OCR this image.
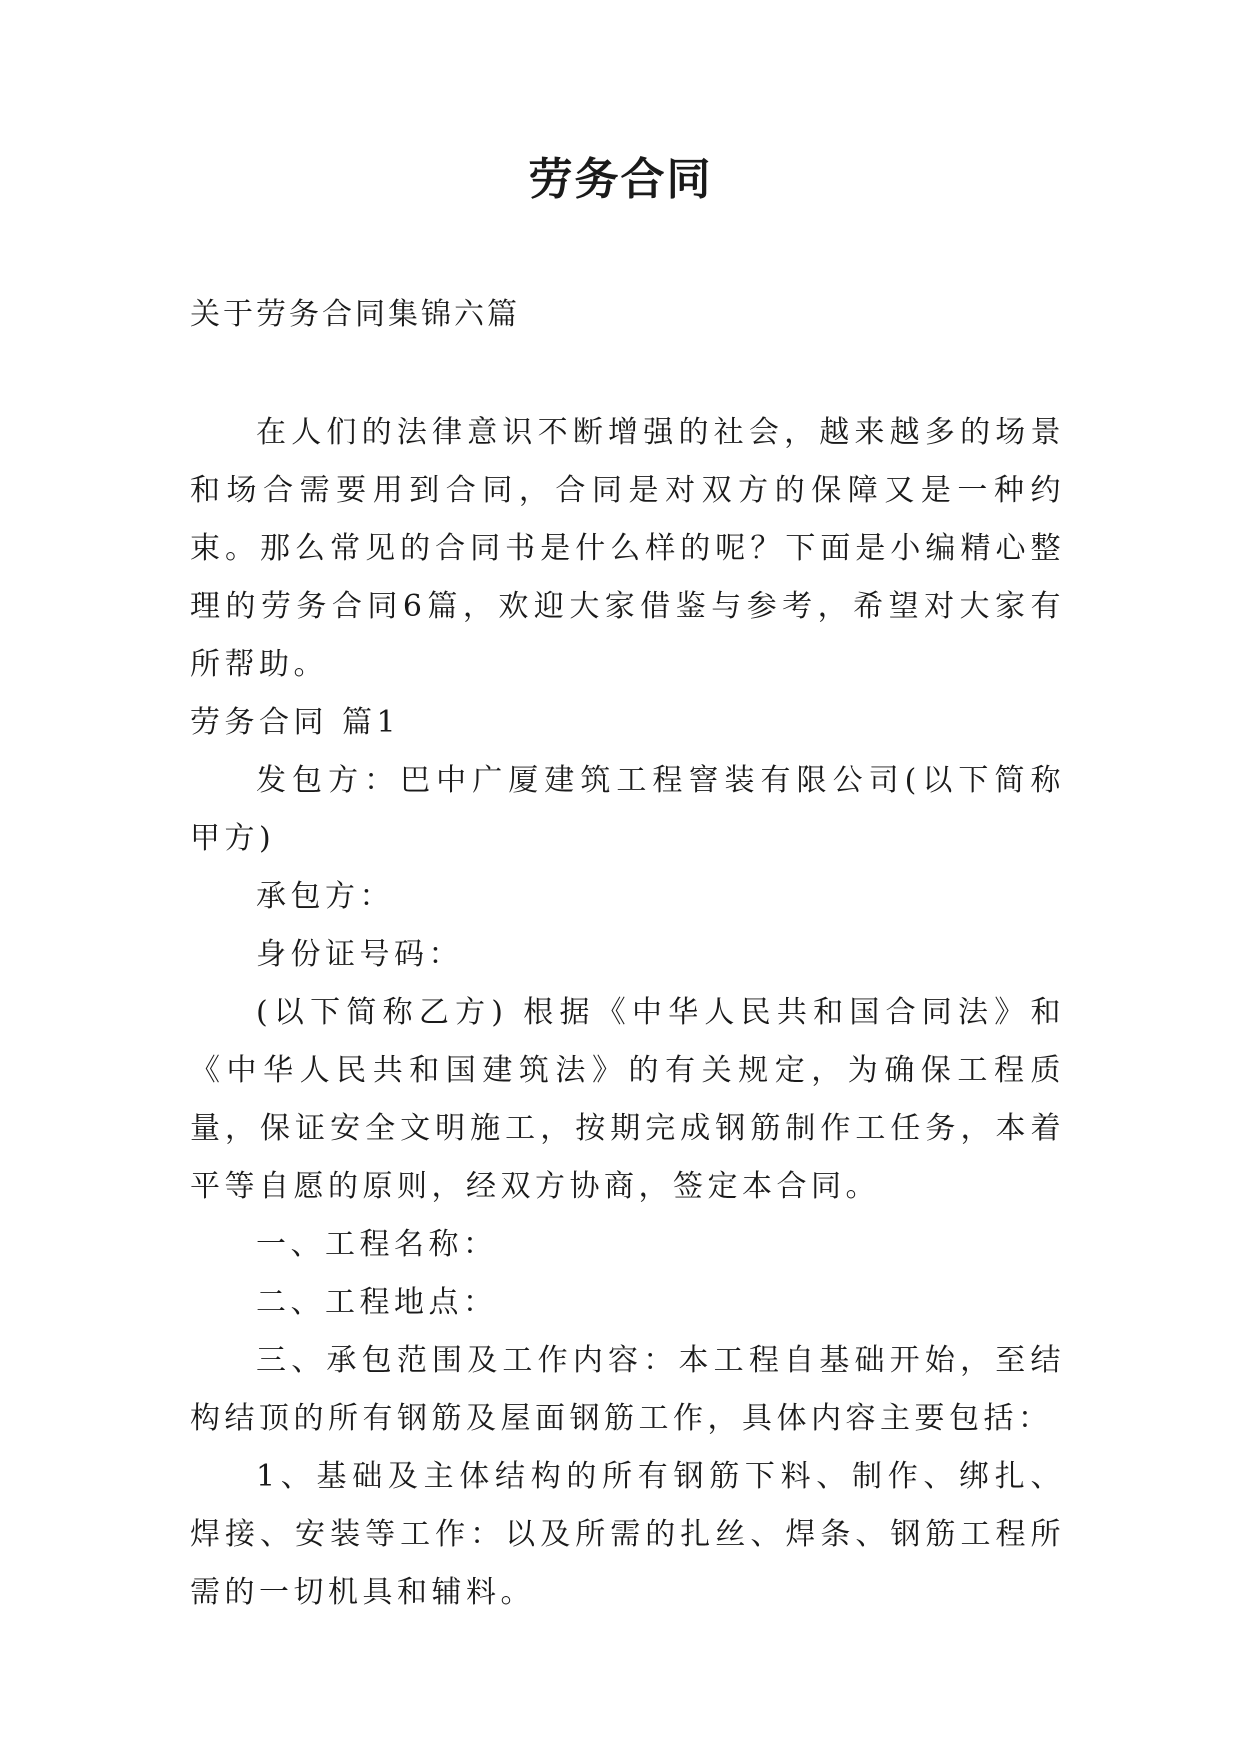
劳务合同

关于劳务合同集锦六篇

在人们的法律意识不断增强的社会，越来越多的场景和场合需要用到合同，合同是对双方的保障又是一种约束。那么常见的合同书是什么样的呢？下面是小编精心整理的劳务合同6篇，欢迎大家借鉴与参考，希望对大家有所帮助。

劳务合同 篇1

发包方：巴中广厦建筑工程窨装有限公司(以下简称甲方)

承包方：

身份证号码：

(以下简称乙方) 根据《中华人民共和国合同法》和《中华人民共和国建筑法》的有关规定，为确保工程质量，保证安全文明施工，按期完成钢筋制作工任务，本着平等自愿的原则，经双方协商，签定本合同。

一、工程名称：

二、工程地点：

三、承包范围及工作内容：本工程自基础开始，至结构结顶的所有钢筋及屋面钢筋工作，具体内容主要包括：

1、基础及主体结构的所有钢筋下料、制作、绑扎、焊接、安装等工作：以及所需的扎丝、焊条、钢筋工程所需的一切机具和辅料。
